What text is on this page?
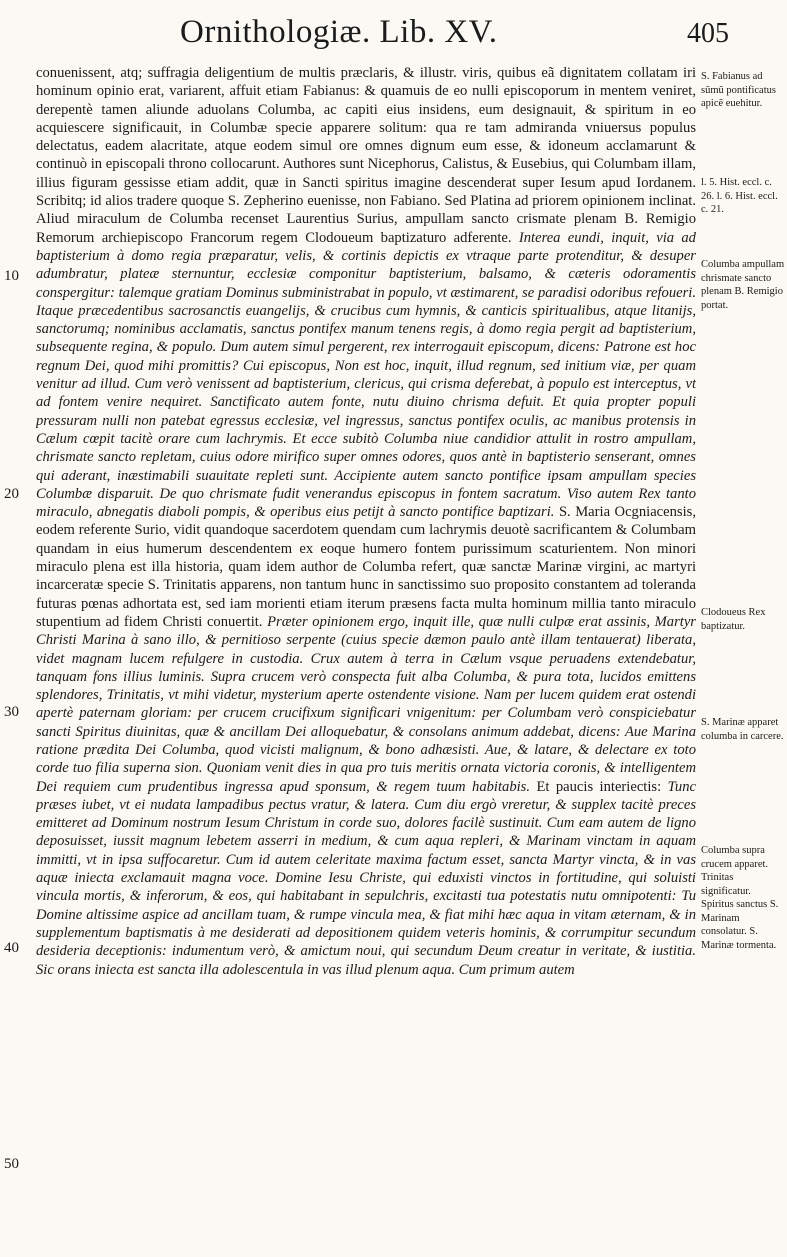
Ornithologiæ. Lib. XV.	405
10
20
30
40
50

conuenissent, atq; suffragia deligentium de multis præclaris, & illustr. viris, quibus eã dignitatem collatam iri hominum opinio erat, variarent, affuit etiam Fabianus: & quamuis de eo nulli episcoporum in mentem veniret, derepentè tamen aliunde aduolans Columba, ac capiti eius insidens, eum designauit, & spiritum in eo acquiescere significauit, in Columbæ specie apparere solitum: qua re tam admiranda vniuersus populus delectatus, eadem alacritate, atque eodem simul ore omnes dignum eum esse, & idoneum acclamarunt & continuò in episcopali throno collocarunt. Authores sunt Nicephorus, Calistus, & Eusebius, qui Columbam illam, illius figuram gessisse etiam addit, quæ in Sancti spiritus imagine descenderat super Iesum apud Iordanem. Scribitq; id alios tradere quoque S. Zepherino euenisse, non Fabiano. Sed Platina ad priorem opinionem inclinat. Aliud miraculum de Columba recenset Laurentius Surius, ampullam sancto crismate plenam B. Remigio Remorum archiepiscopo Francorum regem Clodoueum baptizaturo adferente. Interea eundi, inquit, via ad baptisterium à domo regia præparatur, velis, & cortinis depictis ex vtraque parte protenditur, & desuper adumbratur, plateæ sternuntur, ecclesiæ componitur baptisterium, balsamo, & cæteris odoramentis conspergitur: talemque gratiam Dominus subministrabat in populo, vt æstimarent, se paradisi odoribus refoueri. Itaque præcedentibus sacrosanctis euangelijs, & crucibus cum hymnis, & canticis spiritualibus, atque litanijs, sanctorumq; nominibus acclamatis, sanctus pontifex manum tenens regis, à domo regia pergit ad baptisterium, subsequente regina, & populo. Dum autem simul pergerent, rex interrogauit episcopum, dicens: Patrone est hoc regnum Dei, quod mihi promittis? Cui episcopus, Non est hoc, inquit, illud regnum, sed initium viæ, per quam venitur ad illud. Cum verò venissent ad baptisterium, clericus, qui crisma deferebat, à populo est interceptus, vt ad fontem venire nequiret. Sanctificato autem fonte, nutu diuino chrisma defuit. Et quia propter populi pressuram nulli non patebat egressus ecclesiæ, vel ingressus, sanctus pontifex oculis, ac manibus protensis in Cælum cœpit tacitè orare cum lachrymis. Et ecce subitò Columba niue candidior attulit in rostro ampullam, chrismate sancto repletam, cuius odore mirifico super omnes odores, quos antè in baptisterio senserant, omnes qui aderant, inæstimabili suauitate repleti sunt. Accipiente autem sancto pontifice ipsam ampullam species Columbæ disparuit. De quo chrismate fudit venerandus episcopus in fontem sacratum. Viso autem Rex tanto miraculo, abnegatis diaboli pompis, & operibus eius petijt à sancto pontifice baptizari. S. Maria Ocgniacensis, eodem referente Surio, vidit quandoque sacerdotem quendam cum lachrymis deuotè sacrificantem & Columbam quandam in eius humerum descendentem ex eoque humero fontem purissimum scaturientem. Non minori miraculo plena est illa historia, quam idem author de Columba refert, quæ sanctæ Marinæ virgini, ac martyri incarceratæ specie S. Trinitatis apparens, non tantum hunc in sanctissimo suo proposito constantem ad toleranda futuras pœnas adhortata est, sed iam morienti etiam iterum præsens facta multa hominum millia tanto miraculo stupentium ad fidem Christi conuertit. Præter opinionem ergo, inquit ille, quæ nulli culpæ erat assinis, Martyr Christi Marina à sano illo, & pernitioso serpente (cuius specie dæmon paulo antè illam tentauerat) liberata, videt magnam lucem refulgere in custodia. Crux autem à terra in Cælum vsque peruadens extendebatur, tanquam fons illius luminis. Supra crucem verò conspecta fuit alba Columba, & pura tota, lucidos emittens splendores, Trinitatis, vt mihi videtur, mysterium aperte ostendente visione. Nam per lucem quidem erat ostendi apertè paternam gloriam: per crucem crucifixum significari vnigenitum: per Columbam verò conspiciebatur sancti Spiritus diuinitas, quæ & ancillam Dei alloquebatur, & consolans animum addebat, dicens: Aue Marina ratione prædita Dei Columba, quod vicisti malignum, & bono adhæsisti. Aue, & latare, & delectare ex toto corde tuo filia superna sion. Quoniam venit dies in qua pro tuis meritis ornata victoria coronis, & intelligentem Dei requiem cum prudentibus ingressa apud sponsum, & regem tuum habitabis. Et paucis interiectis: Tunc præses iubet, vt ei nudata lampadibus pectus vratur, & latera. Cum diu ergò vreretur, & supplex tacitè preces emitteret ad Dominum nostrum Iesum Christum in corde suo, dolores facilè sustinuit. Cum eam autem de ligno deposuisset, iussit magnum lebetem asserri in medium, & cum aqua repleri, & Marinam vinctam in aquam immitti, vt in ipsa suffocaretur. Cum id autem celeritate maxima factum esset, sancta Martyr vincta, & in vas aquæ iniecta exclamauit magna voce. Domine Iesu Christe, qui eduxisti vinctos in fortitudine, qui soluisti vincula mortis, & inferorum, & eos, qui habitabant in sepulchris, excitasti tua potestatis nutu omnipotenti: Tu Domine altissime aspice ad ancillam tuam, & rumpe vincula mea, & fiat mihi hæc aqua in vitam æternam, & in supplementum baptismatis à me desiderati ad depositionem quidem veteris hominis, & corrumpitur secundum desideria deceptionis: indumentum verò, & amictum noui, qui secundum Deum creatur in veritate, & iustitia. Sic orans iniecta est sancta illa adolescentula in vas illud plenum aqua. Cum primum autem

S. Fabianus ad sũmũ pontificatus apicẽ euehitur.
l. 5. Hist. eccl. c. 26. l. 6. Hist. eccl. c. 21.
Columba ampullam chrismate sancto plenam B. Remigio portat.
Clodoueus Rex baptizatur.
S. Marinæ apparet columba in carcere.
Columba supra crucem apparet. Trinitas significatur. Spiritus sanctus S. Marinam consolatur. S. Marinæ tormenta.
